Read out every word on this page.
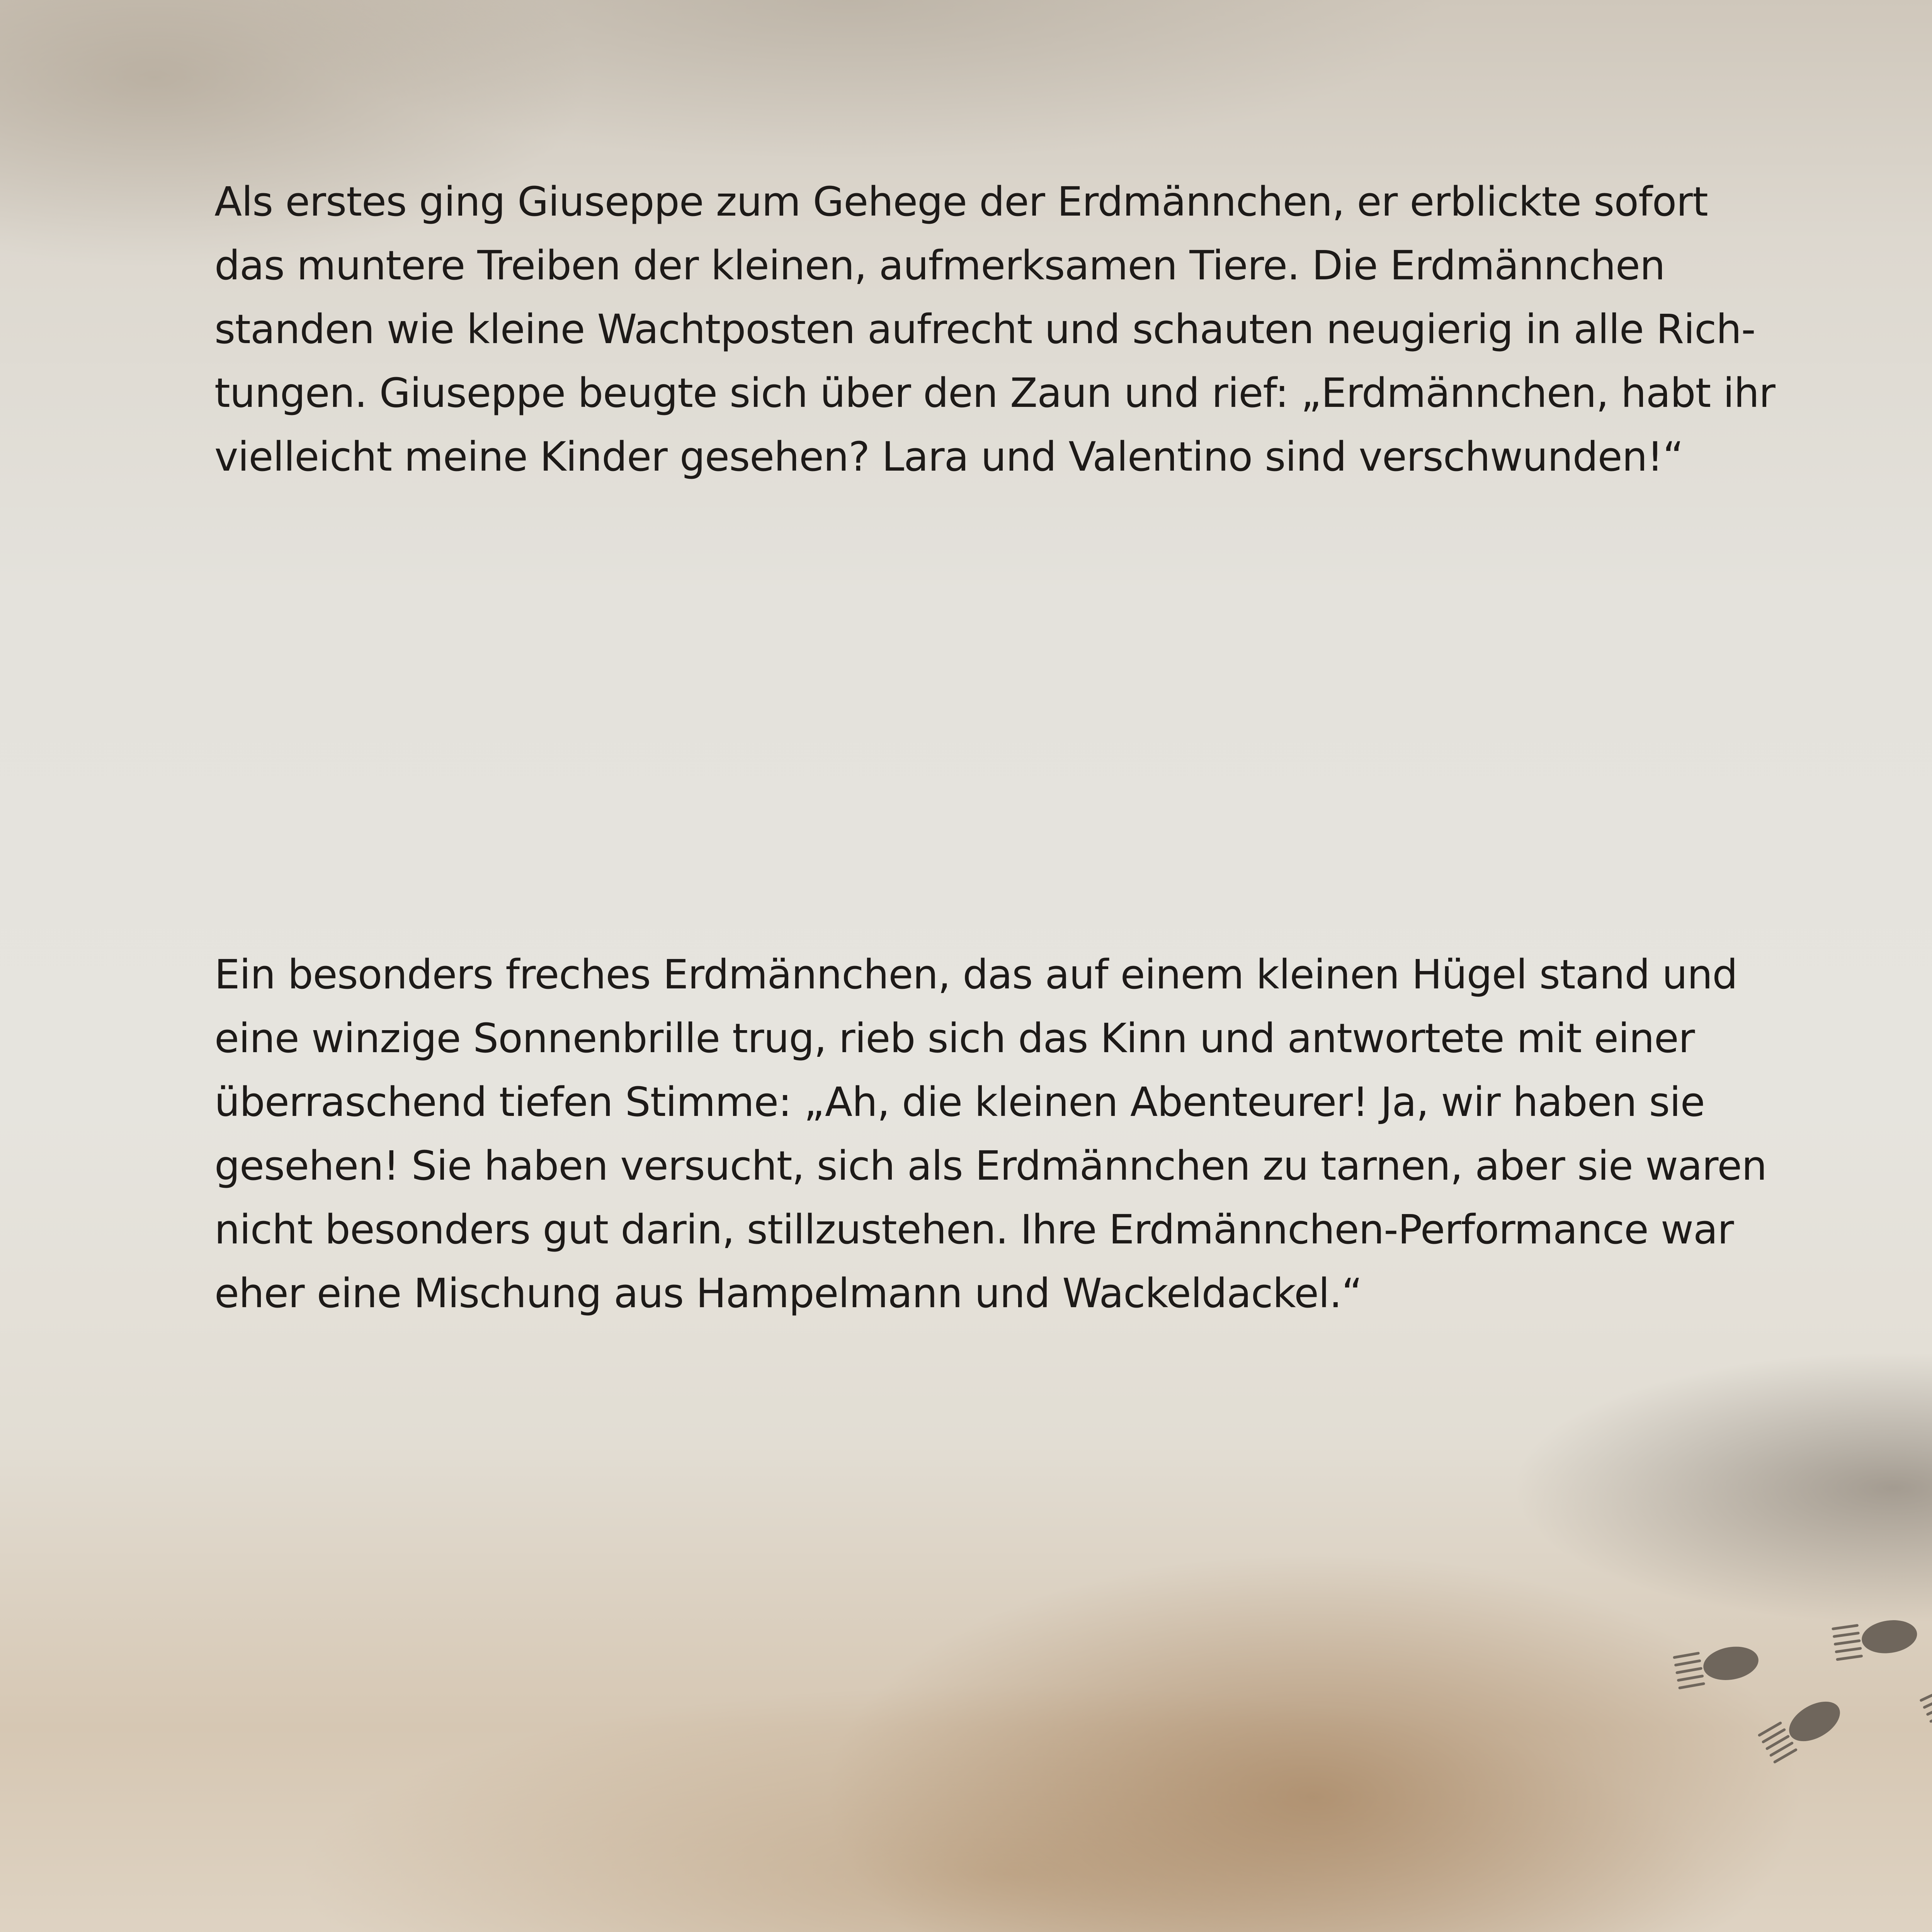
Als erstes ging Giuseppe zum Gehege der Erdmännchen, er erblickte sofort
das muntere Treiben der kleinen, aufmerksamen Tiere. Die Erdmännchen
standen wie kleine Wachtposten aufrecht und schauten neugierig in alle Rich-
tungen. Giuseppe beugte sich über den Zaun und rief: „Erdmännchen, habt ihr
vielleicht meine Kinder gesehen? Lara und Valentino sind verschwunden!“
Ein besonders freches Erdmännchen, das auf einem kleinen Hügel stand und
eine winzige Sonnenbrille trug, rieb sich das Kinn und antwortete mit einer
überraschend tiefen Stimme: „Ah, die kleinen Abenteurer! Ja, wir haben sie
gesehen! Sie haben versucht, sich als Erdmännchen zu tarnen, aber sie waren
nicht besonders gut darin, stillzustehen. Ihre Erdmännchen-Performance war
eher eine Mischung aus Hampelmann und Wackeldackel.“
